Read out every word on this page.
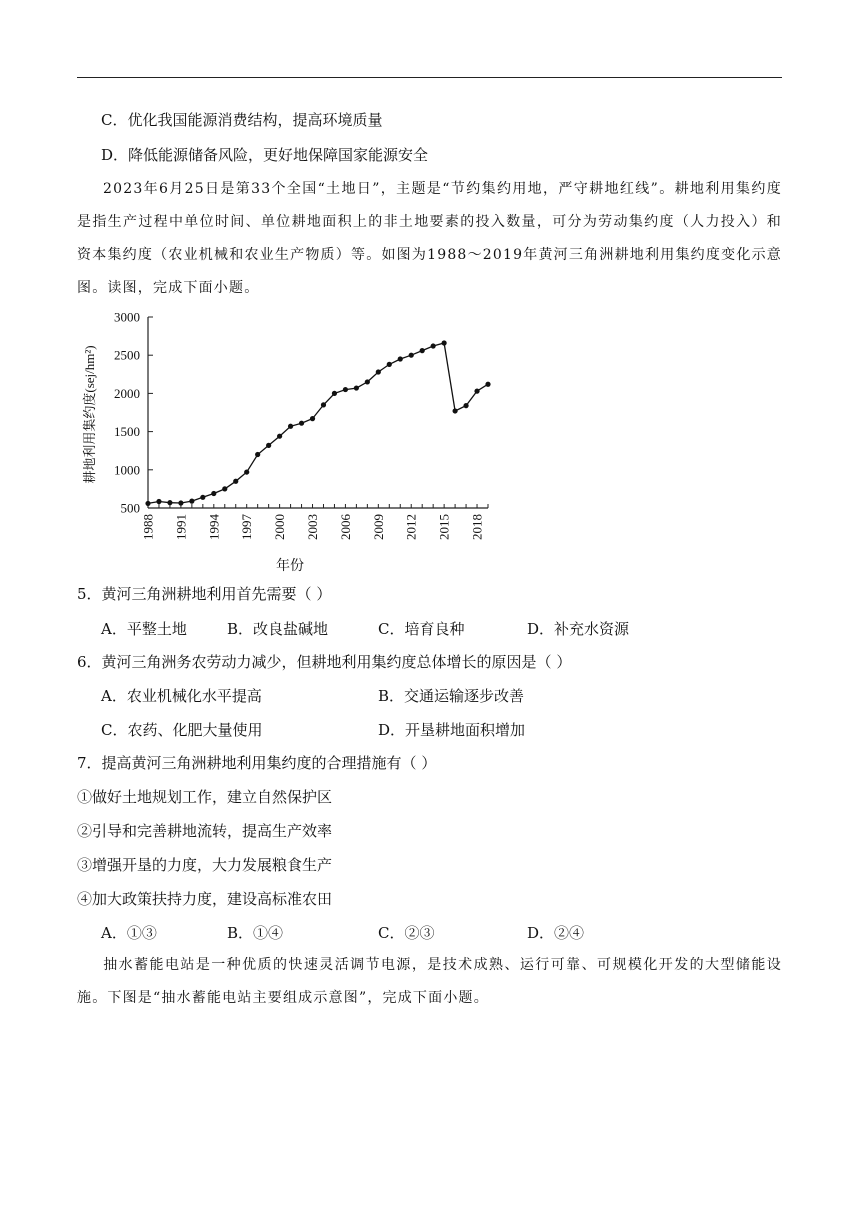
C．优化我国能源消费结构，提高环境质量
D．降低能源储备风险，更好地保障国家能源安全
2023年6月25日是第33个全国“土地日”，主题是“节约集约用地，严守耕地红线”。耕地利用集约度是指生产过程中单位时间、单位耕地面积上的非土地要素的投入数量，可分为劳动集约度（人力投入）和资本集约度（农业机械和农业生产物质）等。如图为1988～2019年黄河三角洲耕地利用集约度变化示意图。读图，完成下面小题。
500
1000
1500
2000
2500
3000
1988 1991 1994 1997 2000 2003 2006 2009 2012 2015 2018
年份
耕地利用集约度(sej/hm²)
5．黄河三角洲耕地利用首先需要（ ）
A．平整土地	B．改良盐碱地	C．培育良种	D．补充水资源
6．黄河三角洲务农劳动力减少，但耕地利用集约度总体增长的原因是（ ）
A．农业机械化水平提高	B．交通运输逐步改善
C．农药、化肥大量使用	D．开垦耕地面积增加
7．提高黄河三角洲耕地利用集约度的合理措施有（ ）
①做好土地规划工作，建立自然保护区
②引导和完善耕地流转，提高生产效率
③增强开垦的力度，大力发展粮食生产
④加大政策扶持力度，建设高标准农田
A．①③	B．①④	C．②③	D．②④
抽水蓄能电站是一种优质的快速灵活调节电源，是技术成熟、运行可靠、可规模化开发的大型储能设施。下图是“抽水蓄能电站主要组成示意图”，完成下面小题。
